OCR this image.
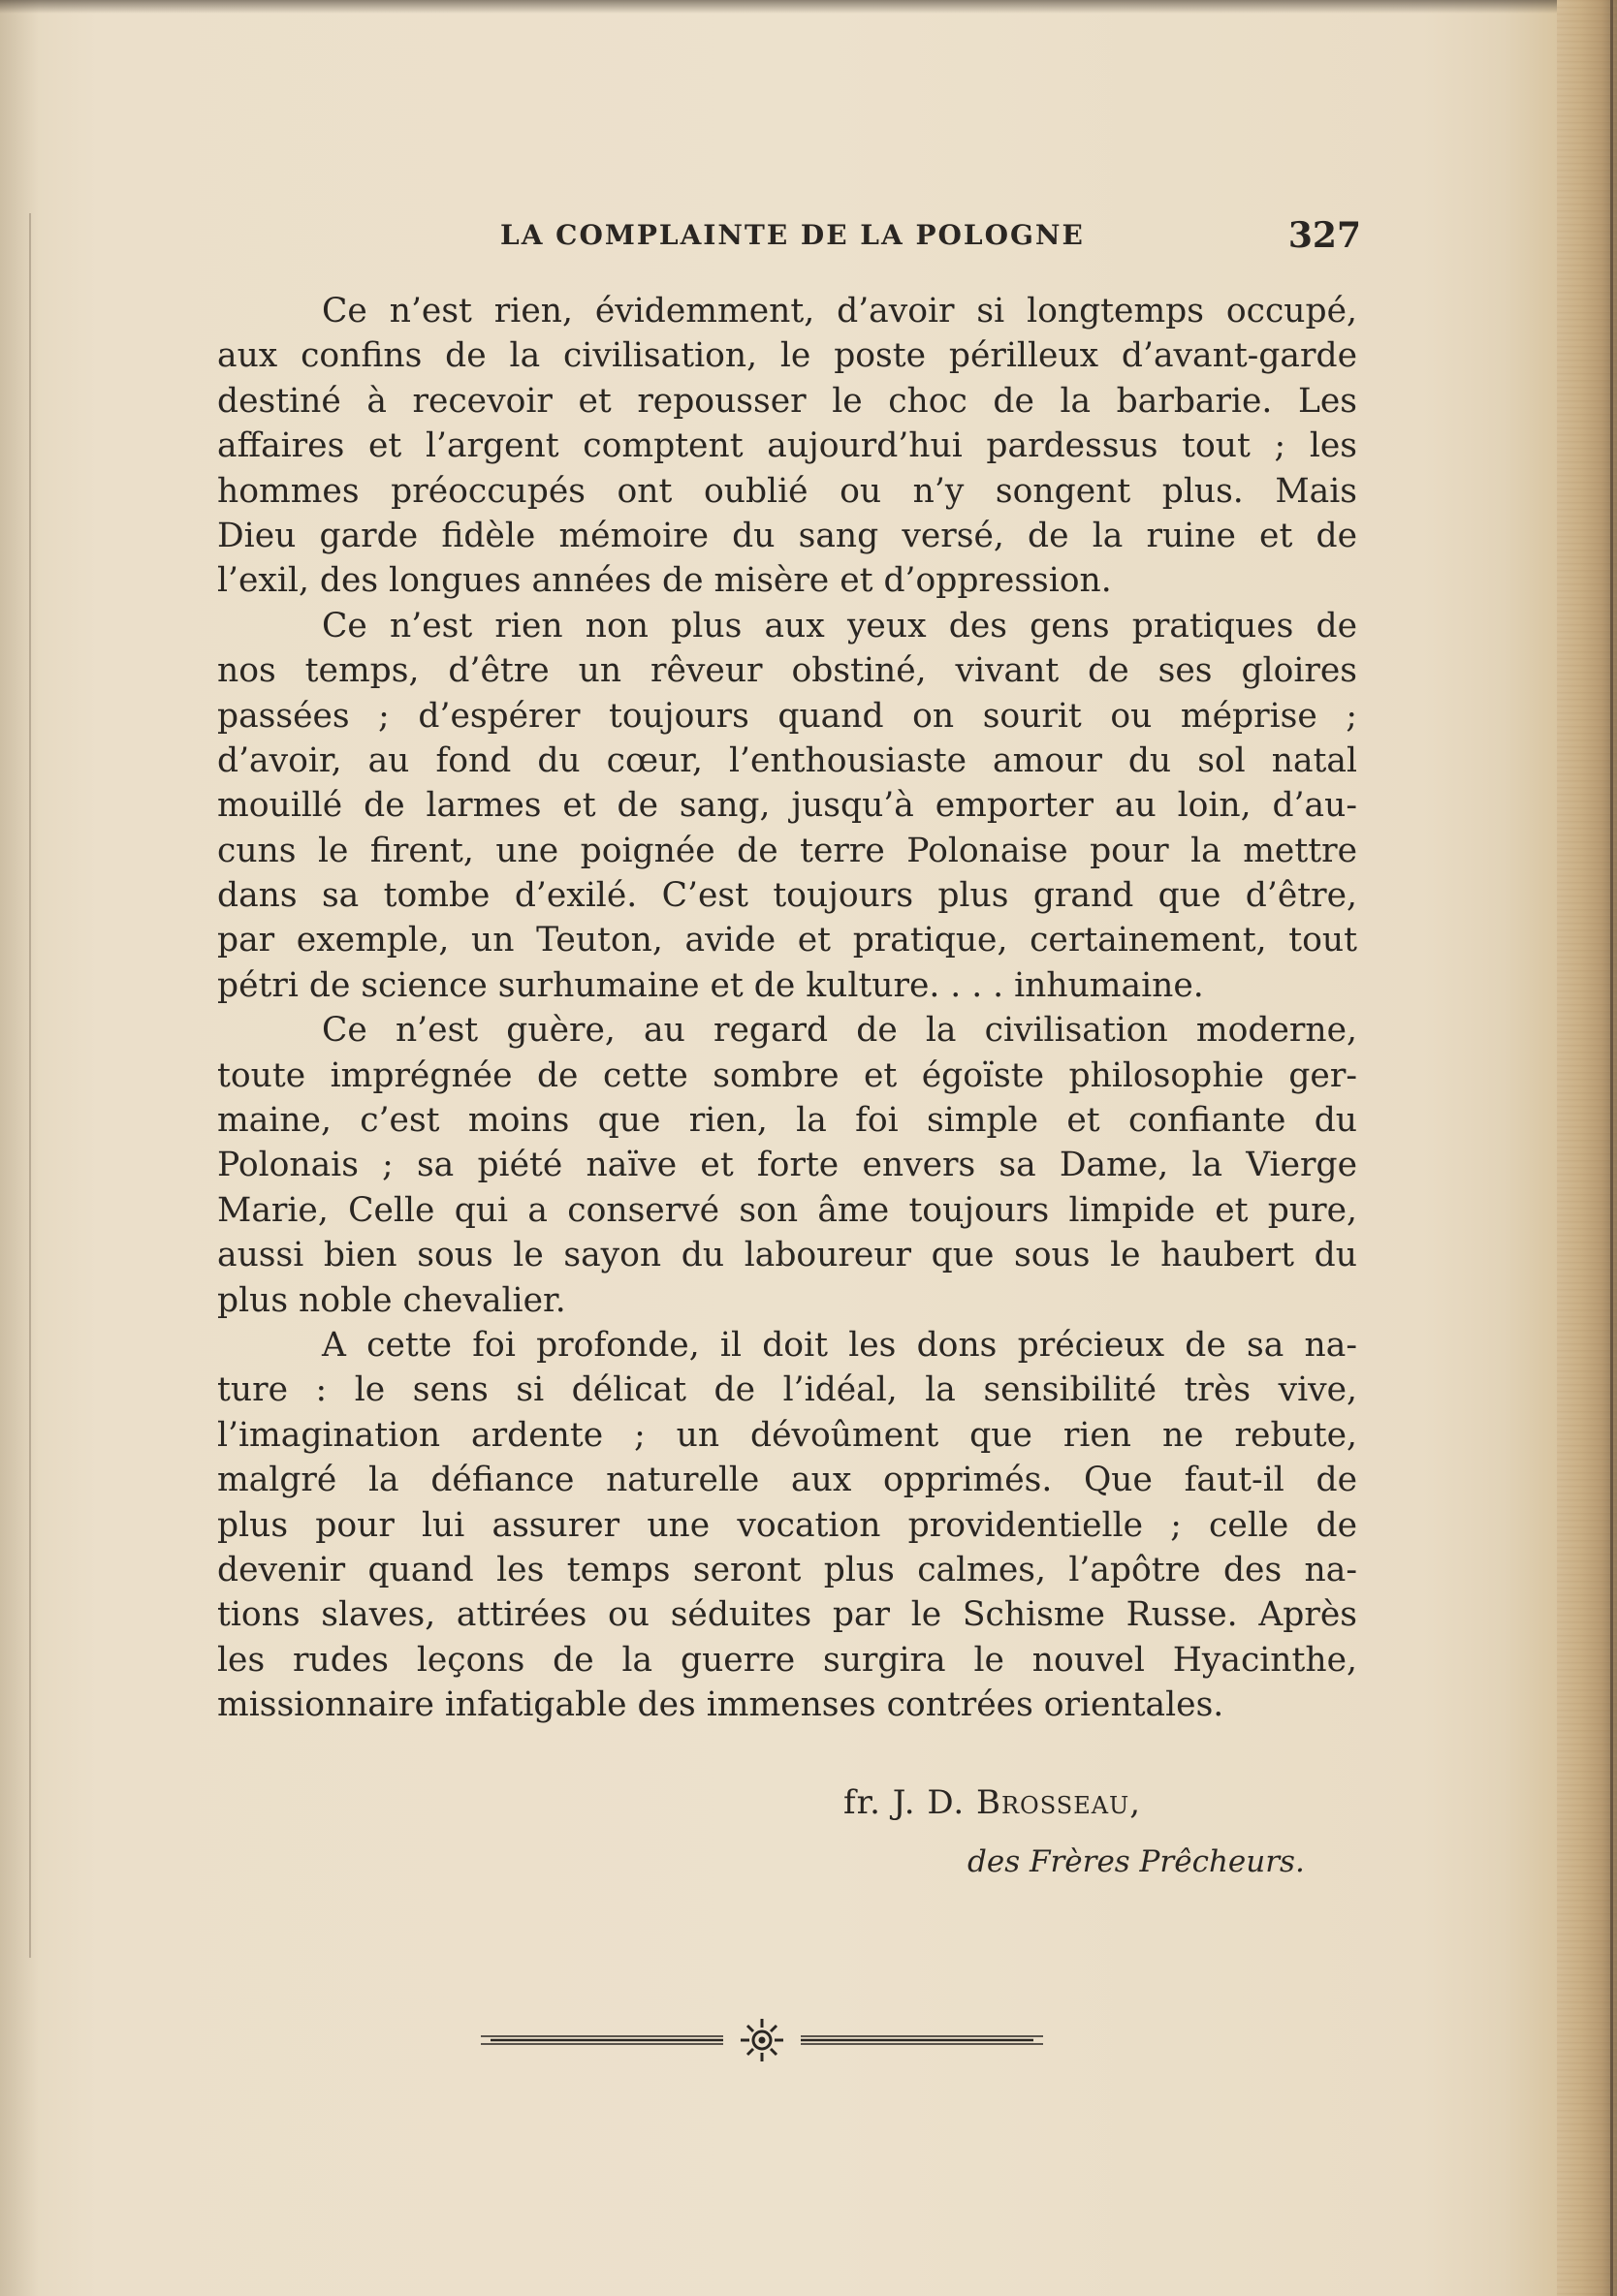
LA COMPLAINTE DE LA POLOGNE	327
Ce n’est rien, évidemment, d’avoir si longtemps occupé,
aux confins de la civilisation, le poste périlleux d’avant-garde
destiné à recevoir et repousser le choc de la barbarie. Les
affaires et l’argent comptent aujourd’hui pardessus tout ; les
hommes préoccupés ont oublié ou n’y songent plus. Mais
Dieu garde fidèle mémoire du sang versé, de la ruine et de
l’exil, des longues années de misère et d’oppression.
Ce n’est rien non plus aux yeux des gens pratiques de
nos temps, d’être un rêveur obstiné, vivant de ses gloires
passées ; d’espérer toujours quand on sourit ou méprise ;
d’avoir, au fond du cœur, l’enthousiaste amour du sol natal
mouillé de larmes et de sang, jusqu’à emporter au loin, d’au-
cuns le firent, une poignée de terre Polonaise pour la mettre
dans sa tombe d’exilé. C’est toujours plus grand que d’être,
par exemple, un Teuton, avide et pratique, certainement, tout
pétri de science surhumaine et de kulture. . . . inhumaine.
Ce n’est guère, au regard de la civilisation moderne,
toute imprégnée de cette sombre et égoïste philosophie ger-
maine, c’est moins que rien, la foi simple et confiante du
Polonais ; sa piété naïve et forte envers sa Dame, la Vierge
Marie, Celle qui a conservé son âme toujours limpide et pure,
aussi bien sous le sayon du laboureur que sous le haubert du
plus noble chevalier.
A cette foi profonde, il doit les dons précieux de sa na-
ture : le sens si délicat de l’idéal, la sensibilité très vive,
l’imagination ardente ; un dévoûment que rien ne rebute,
malgré la défiance naturelle aux opprimés. Que faut-il de
plus pour lui assurer une vocation providentielle ; celle de
devenir quand les temps seront plus calmes, l’apôtre des na-
tions slaves, attirées ou séduites par le Schisme Russe. Après
les rudes leçons de la guerre surgira le nouvel Hyacinthe,
missionnaire infatigable des immenses contrées orientales.
fr. J. D. Brosseau,
des Frères Prêcheurs.
